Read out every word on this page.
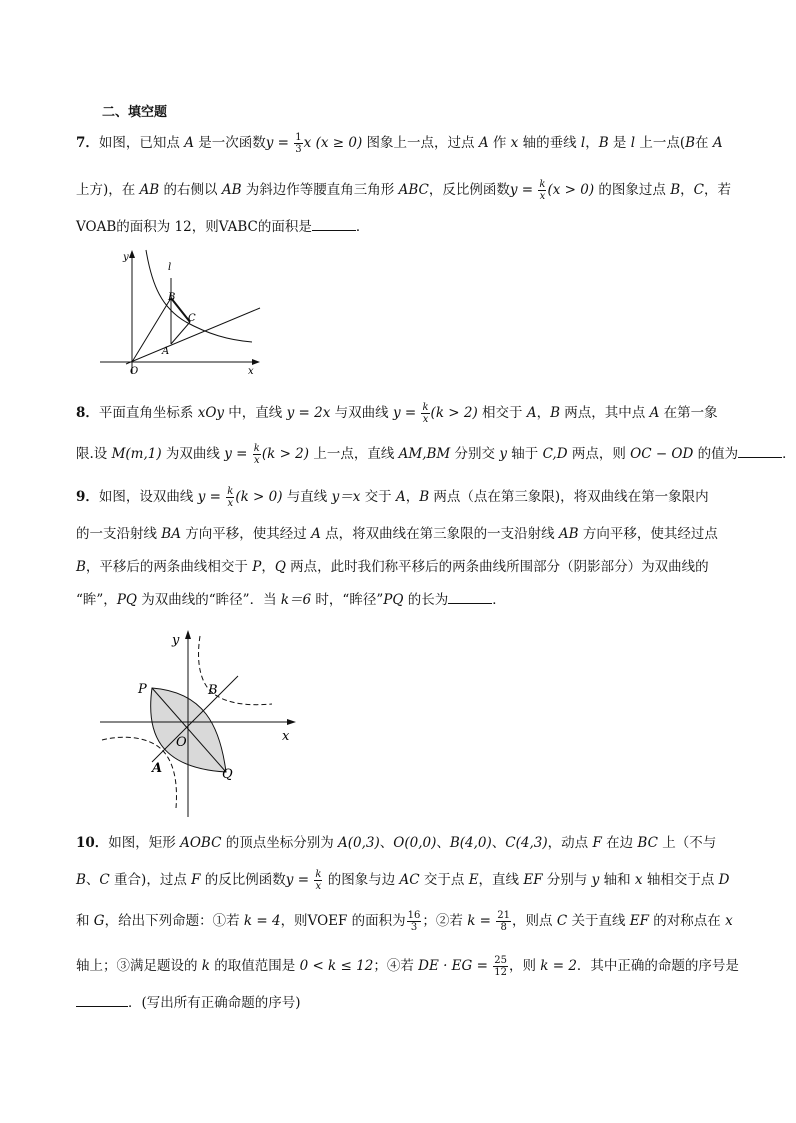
二、填空题
7．如图，已知点 A 是一次函数$y = \frac{1}{3}$ x (x ≥ 0) 图象上一点，过点 A 作 x 轴的垂线 l，B 是 l 上一点(B在 A
上方)，在 AB 的右侧以 AB 为斜边作等腰直角三角形 ABC，反比例函数$y = \frac{k}{x} (x > 0)$ 的图象过点 B，C，若
VOAB的面积为 12，则VABC的面积是	．
y
l
B
C
A
O	x
8．平面直角坐标系 xOy 中，直线 y = 2x 与双曲线 $y = \frac{k}{x} (k > 2)$ 相交于 A，B 两点，其中点 A 在第一象
限.设 M(m,1) 为双曲线 $y = \frac{k}{x} (k > 2)$ 上一点，直线 AM,BM 分别交 y 轴于 C,D 两点，则 OC − OD 的值为	．
9．如图，设双曲线 $y = \frac{k}{x} (k > 0)$ 与直线 y＝x 交于 A，B 两点（点在第三象限)，将双曲线在第一象限内
的一支沿射线 BA 方向平移，使其经过 A 点，将双曲线在第三象限的一支沿射线 AB 方向平移，使其经过点
B，平移后的两条曲线相交于 P，Q 两点，此时我们称平移后的两条曲线所围部分（阴影部分）为双曲线的
“眸”，PQ 为双曲线的“眸径”．当 k＝6 时，“眸径”PQ 的长为	．
y
P	B
O	x
A	Q
10．如图，矩形 AOBC 的顶点坐标分别为 A(0,3)、O(0,0)、B(4,0)、C(4,3)，动点 F 在边 BC 上（不与
B、C 重合)，过点 F 的反比例函数$y = \frac{k}{x}$ 的图象与边 AC 交于点 E，直线 EF 分别与 y 轴和 x 轴相交于点 D
和 G，给出下列命题：①若 k = 4，则VOEF 的面积为 $\frac{16}{3}$ ；②若 $k = \frac{21}{8}$ ，则点 C 关于直线 EF 的对称点在 x
轴上；③满足题设的 k 的取值范围是 0 < k ≤ 12；④若 DE · EG = $\frac{25}{12}$ ，则 k = 2．其中正确的命题的序号是
．(写出所有正确命题的序号)
